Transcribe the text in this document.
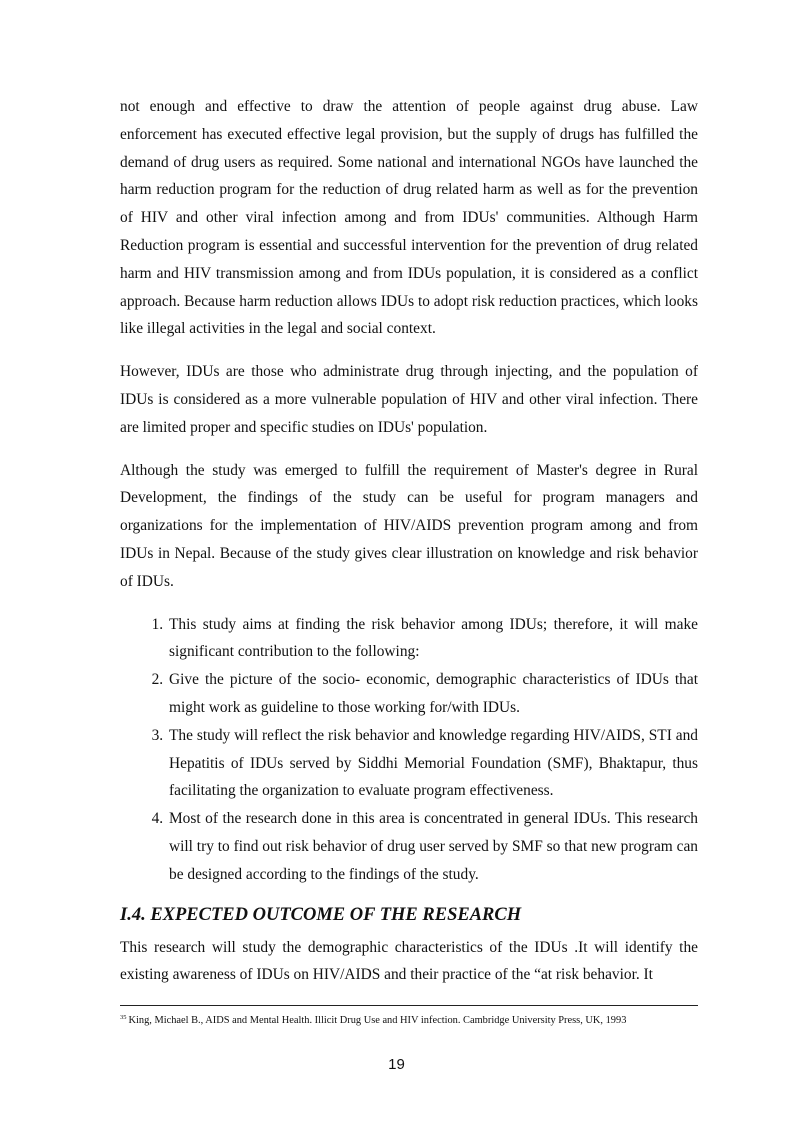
not enough and effective to draw the attention of people against drug abuse. Law enforcement has executed effective legal provision, but the supply of drugs has fulfilled the demand of drug users as required. Some national and international NGOs have launched the harm reduction program for the reduction of drug related harm as well as for the prevention of HIV and other viral infection among and from IDUs' communities. Although Harm Reduction program is essential and successful intervention for the prevention of drug related harm and HIV transmission among and from IDUs population, it is considered as a conflict approach. Because harm reduction allows IDUs to adopt risk reduction practices, which looks like illegal activities in the legal and social context.

However, IDUs are those who administrate drug through injecting, and the population of IDUs is considered as a more vulnerable population of HIV and other viral infection. There are limited proper and specific studies on IDUs' population.

Although the study was emerged to fulfill the requirement of Master's degree in Rural Development, the findings of the study can be useful for program managers and organizations for the implementation of HIV/AIDS prevention program among and from IDUs in Nepal. Because of the study gives clear illustration on knowledge and risk behavior of IDUs.

1. This study aims at finding the risk behavior among IDUs; therefore, it will make significant contribution to the following:
2. Give the picture of the socio- economic, demographic characteristics of IDUs that might work as guideline to those working for/with IDUs.
3. The study will reflect the risk behavior and knowledge regarding HIV/AIDS, STI and Hepatitis of IDUs served by Siddhi Memorial Foundation (SMF), Bhaktapur, thus facilitating the organization to evaluate program effectiveness.
4. Most of the research done in this area is concentrated in general IDUs. This research will try to find out risk behavior of drug user served by SMF so that new program can be designed according to the findings of the study.
I.4. EXPECTED OUTCOME OF THE RESEARCH

This research will study the demographic characteristics of the IDUs .It will identify the existing awareness of IDUs on HIV/AIDS and their practice of the “at risk behavior. It

$^{35}$ King, Michael B., AIDS and Mental Health. Illicit Drug Use and HIV infection. Cambridge University Press, UK, 1993
19
